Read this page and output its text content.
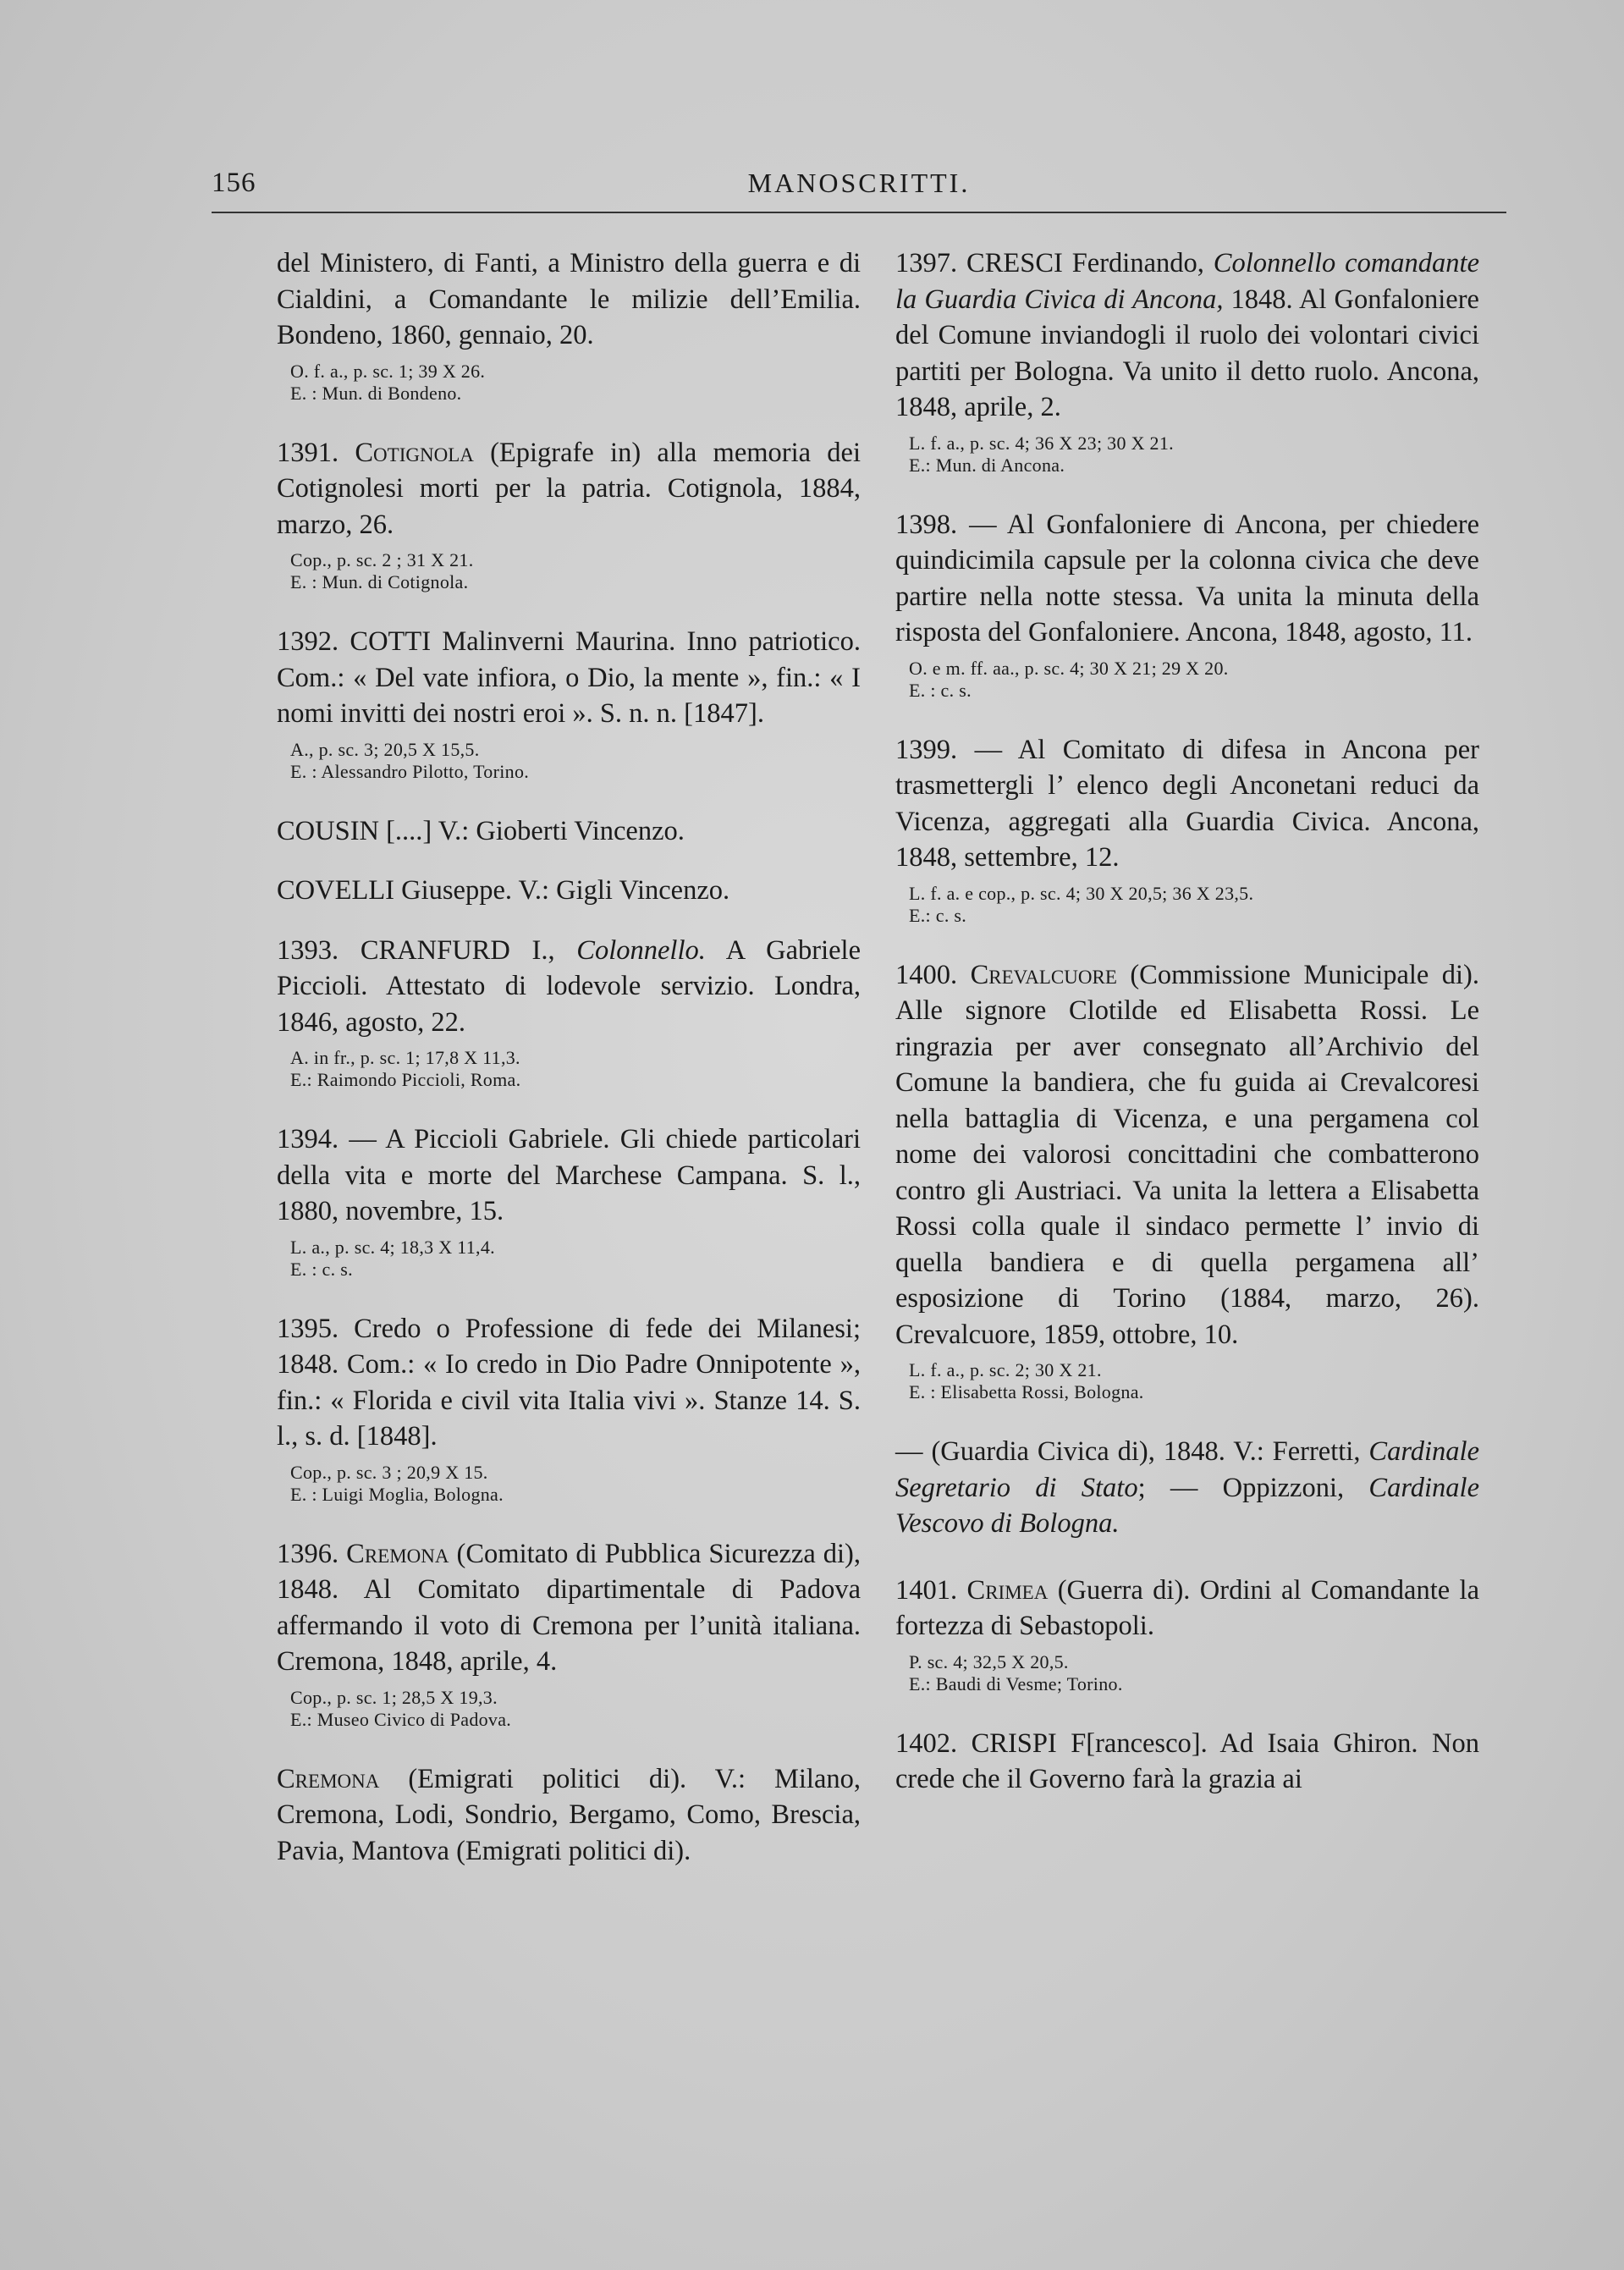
156	MANOSCRITTI.

del Ministero, di Fanti, a Ministro della guerra e di Cialdini, a Comandante le milizie dell’Emilia. Bondeno, 1860, gennaio, 20.

O. f. a., p. sc. 1; 39 X 26.

E. : Mun. di Bondeno.

1391. Cotignola (Epigrafe in) alla memoria dei Cotignolesi morti per la patria. Cotignola, 1884, marzo, 26.

Cop., p. sc. 2 ; 31 X 21.

E. : Mun. di Cotignola.

1392. COTTI Malinverni Maurina. Inno patriotico. Com.: « Del vate infiora, o Dio, la mente », fin.: « I nomi invitti dei nostri eroi ». S. n. n. [1847].

A., p. sc. 3; 20,5 X 15,5.

E. : Alessandro Pilotto, Torino.

COUSIN [....] V.: Gioberti Vincenzo.

COVELLI Giuseppe. V.: Gigli Vincenzo.

1393. CRANFURD I., Colonnello. A Gabriele Piccioli. Attestato di lodevole servizio. Londra, 1846, agosto, 22.

A. in fr., p. sc. 1; 17,8 X 11,3.

E.: Raimondo Piccioli, Roma.

1394. — A Piccioli Gabriele. Gli chiede particolari della vita e morte del Marchese Campana. S. l., 1880, novembre, 15.

L. a., p. sc. 4; 18,3 X 11,4.

E. : c. s.

1395. Credo o Professione di fede dei Milanesi; 1848. Com.: « Io credo in Dio Padre Onnipotente », fin.: « Florida e civil vita Italia vivi ». Stanze 14. S. l., s. d. [1848].

Cop., p. sc. 3 ; 20,9 X 15.

E. : Luigi Moglia, Bologna.

1396. Cremona (Comitato di Pubblica Sicurezza di), 1848. Al Comitato dipartimentale di Padova affermando il voto di Cremona per l’unità italiana. Cremona, 1848, aprile, 4.

Cop., p. sc. 1; 28,5 X 19,3.

E.: Museo Civico di Padova.

Cremona (Emigrati politici di). V.: Milano, Cremona, Lodi, Sondrio, Bergamo, Como, Brescia, Pavia, Mantova (Emigrati politici di).

1397. CRESCI Ferdinando, Colonnello comandante la Guardia Civica di Ancona, 1848. Al Gonfaloniere del Comune inviandogli il ruolo dei volontari civici partiti per Bologna. Va unito il detto ruolo. Ancona, 1848, aprile, 2.

L. f. a., p. sc. 4; 36 X 23; 30 X 21.

E.: Mun. di Ancona.

1398. — Al Gonfaloniere di Ancona, per chiedere quindicimila capsule per la colonna civica che deve partire nella notte stessa. Va unita la minuta della risposta del Gonfaloniere. Ancona, 1848, agosto, 11.

O. e m. ff. aa., p. sc. 4; 30 X 21; 29 X 20.

E. : c. s.

1399. — Al Comitato di difesa in Ancona per trasmettergli l’ elenco degli Anconetani reduci da Vicenza, aggregati alla Guardia Civica. Ancona, 1848, settembre, 12.

L. f. a. e cop., p. sc. 4; 30 X 20,5; 36 X 23,5.

E.: c. s.

1400. Crevalcuore (Commissione Municipale di). Alle signore Clotilde ed Elisabetta Rossi. Le ringrazia per aver consegnato all’Archivio del Comune la bandiera, che fu guida ai Crevalcoresi nella battaglia di Vicenza, e una pergamena col nome dei valorosi concittadini che combatterono contro gli Austriaci. Va unita la lettera a Elisabetta Rossi colla quale il sindaco permette l’ invio di quella bandiera e di quella pergamena all’ esposizione di Torino (1884, marzo, 26). Crevalcuore, 1859, ottobre, 10.

L. f. a., p. sc. 2; 30 X 21.

E. : Elisabetta Rossi, Bologna.

— (Guardia Civica di), 1848. V.: Ferretti, Cardinale Segretario di Stato; — Oppizzoni, Cardinale Vescovo di Bologna.

1401. Crimea (Guerra di). Ordini al Comandante la fortezza di Sebastopoli.

P. sc. 4; 32,5 X 20,5.

E.: Baudi di Vesme; Torino.

1402. CRISPI F[rancesco]. Ad Isaia Ghiron. Non crede che il Governo farà la grazia ai
